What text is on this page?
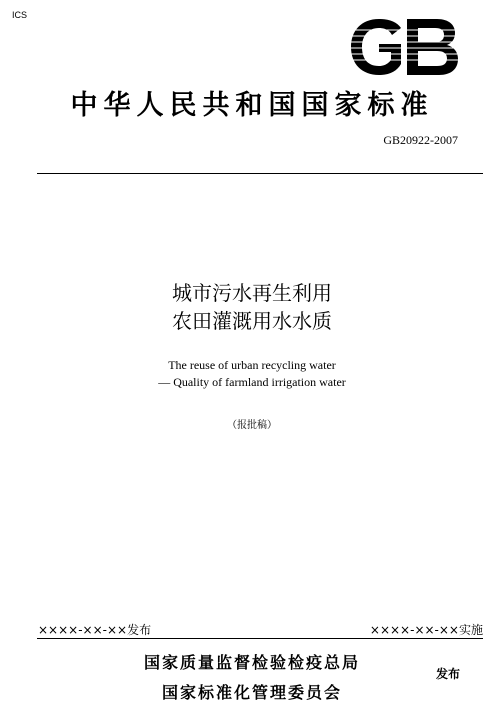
ICS
中华人民共和国国家标准
GB20922-2007
城市污水再生利用
农田灌溉用水水质
The reuse of urban recycling water
— Quality of farmland irrigation water
（报批稿）
××××-××-××发布	××××-××-××实施
国家质量监督检验检疫总局
国家标准化管理委员会
发布
